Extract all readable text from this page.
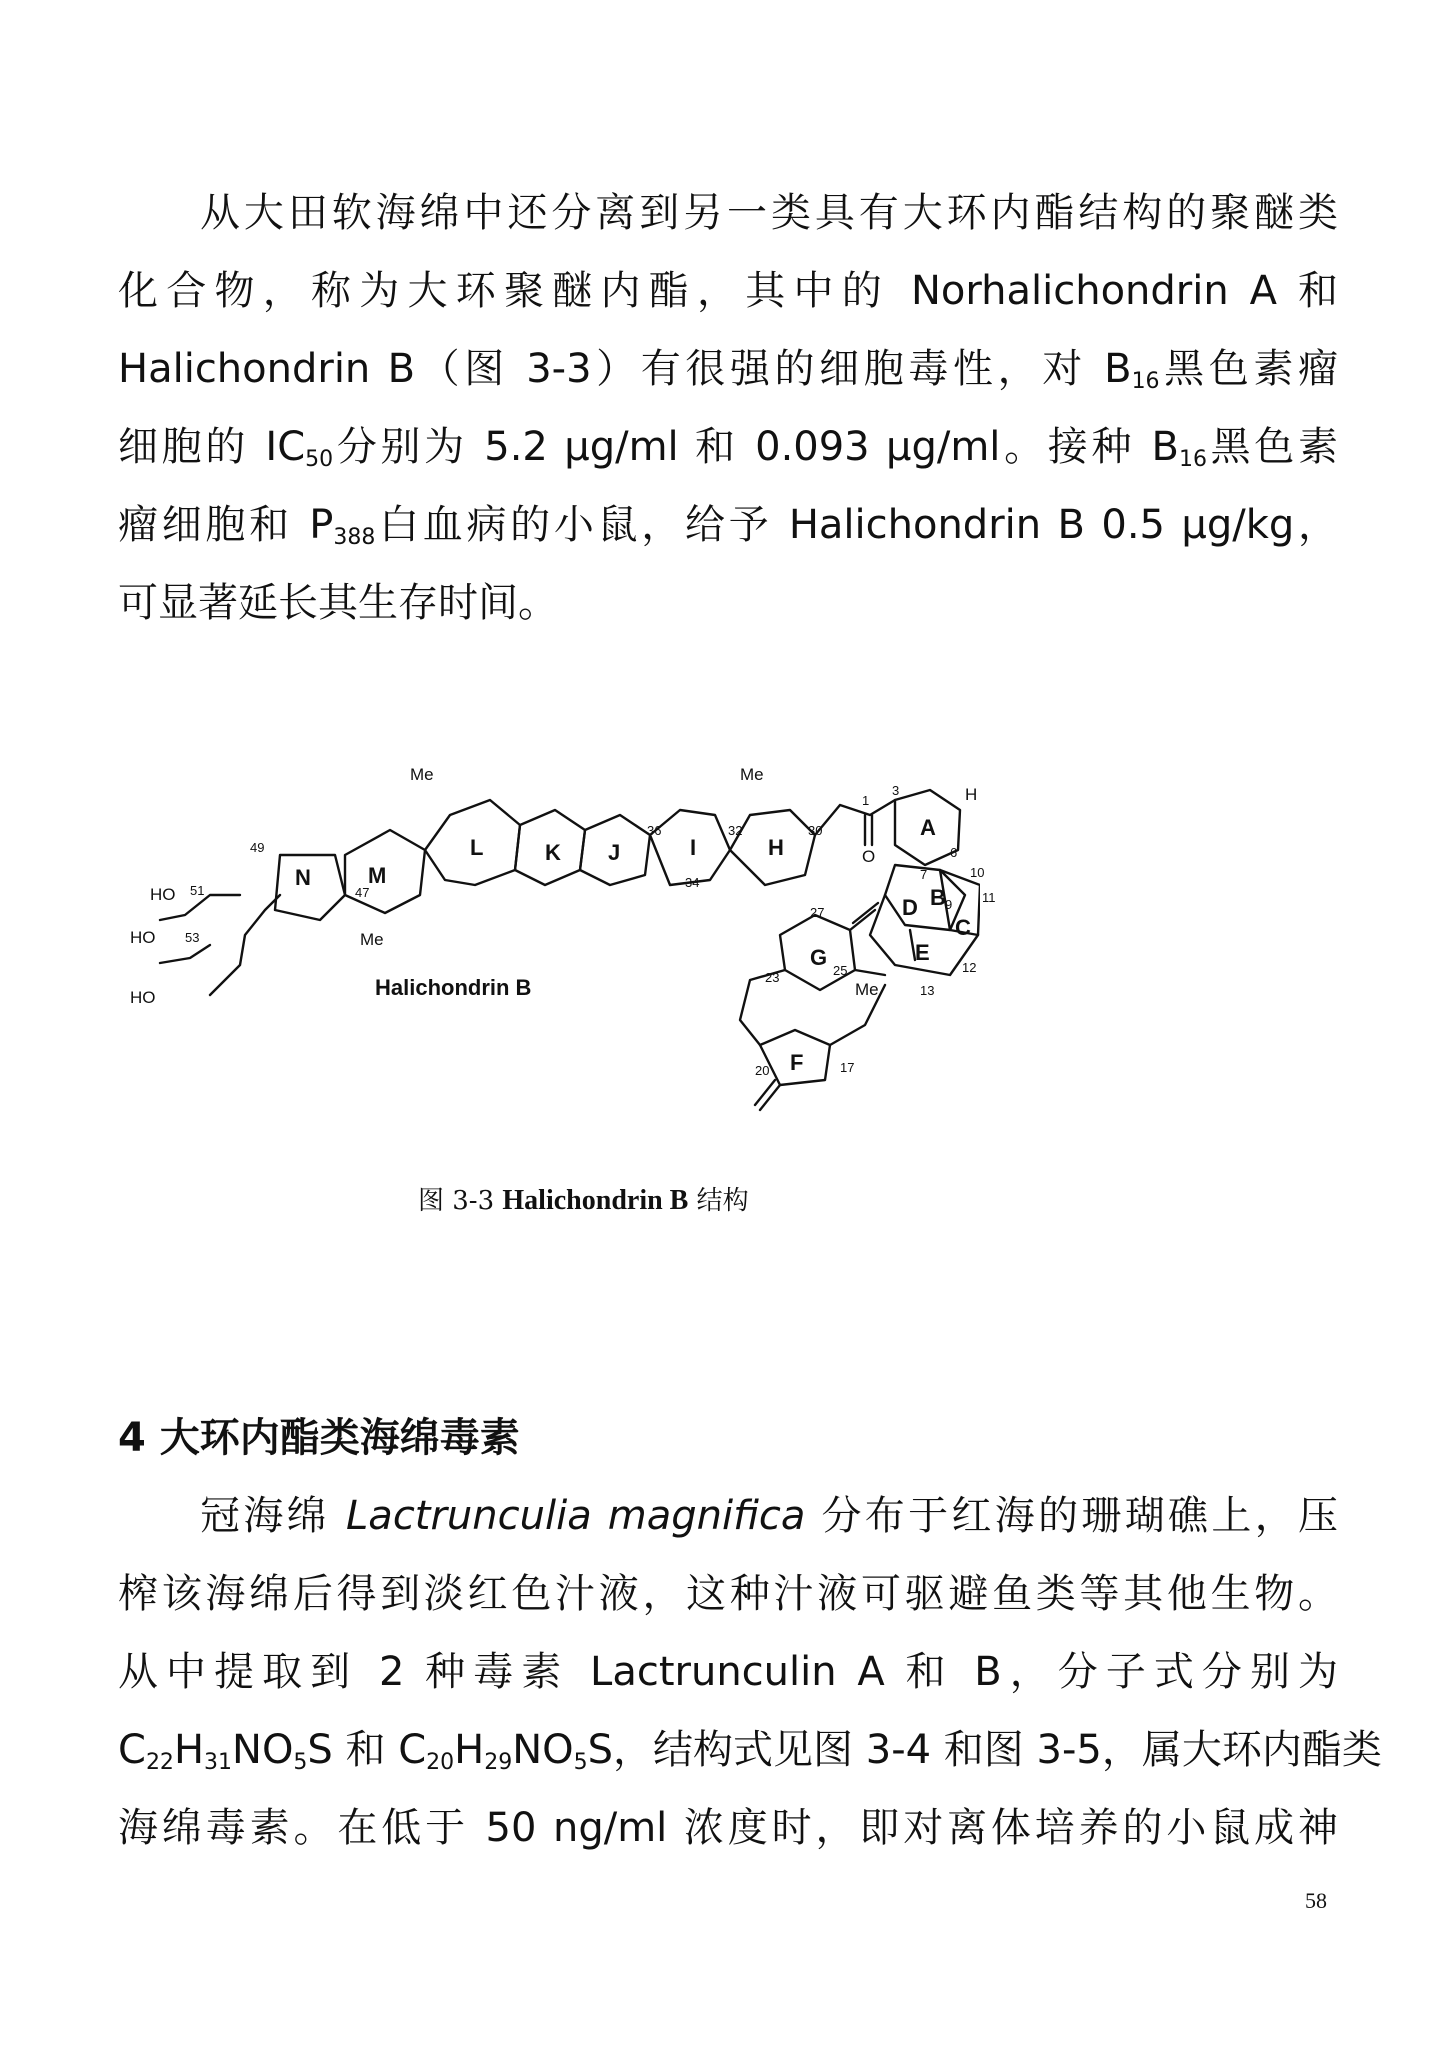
从大田软海绵中还分离到另一类具有大环内酯结构的聚醚类
化合物，称为大环聚醚内酯，其中的 Norhalichondrin A 和
Halichondrin B（图 3-3）有很强的细胞毒性，对 $B_{16}$黑色素瘤
细胞的 $IC_{50}$分别为 5.2 μg/ml 和 0.093 μg/ml。接种 $B_{16}$黑色素
瘤细胞和 $P_{388}$白血病的小鼠，给予 Halichondrin B 0.5 μg/kg，
可显著延长其生存时间。
Halichondrin B
N	M
L	K J	I	H
A
B
C
D
E
F
G
Me	Me
Me
Me
HO
HO
HO
H
O
1
3
6
7
9
10
11
12
13
17
20
23	25
27
30
32
34
36
47
49
51
53
图 3-3 Halichondrin B 结构
4 大环内酯类海绵毒素
冠海绵 Lactrunculia magnifica 分布于红海的珊瑚礁上，压
榨该海绵后得到淡红色汁液，这种汁液可驱避鱼类等其他生物。
从中提取到 2 种毒素 Lactrunculin A 和 B，分子式分别为
$C_{22}H_{31}NO_5S$ 和 $C_{20}H_{29}NO_5S$，结构式见图 3-4 和图 3-5，属大环内酯类
海绵毒素。在低于 50 ng/ml 浓度时，即对离体培养的小鼠成神
58
